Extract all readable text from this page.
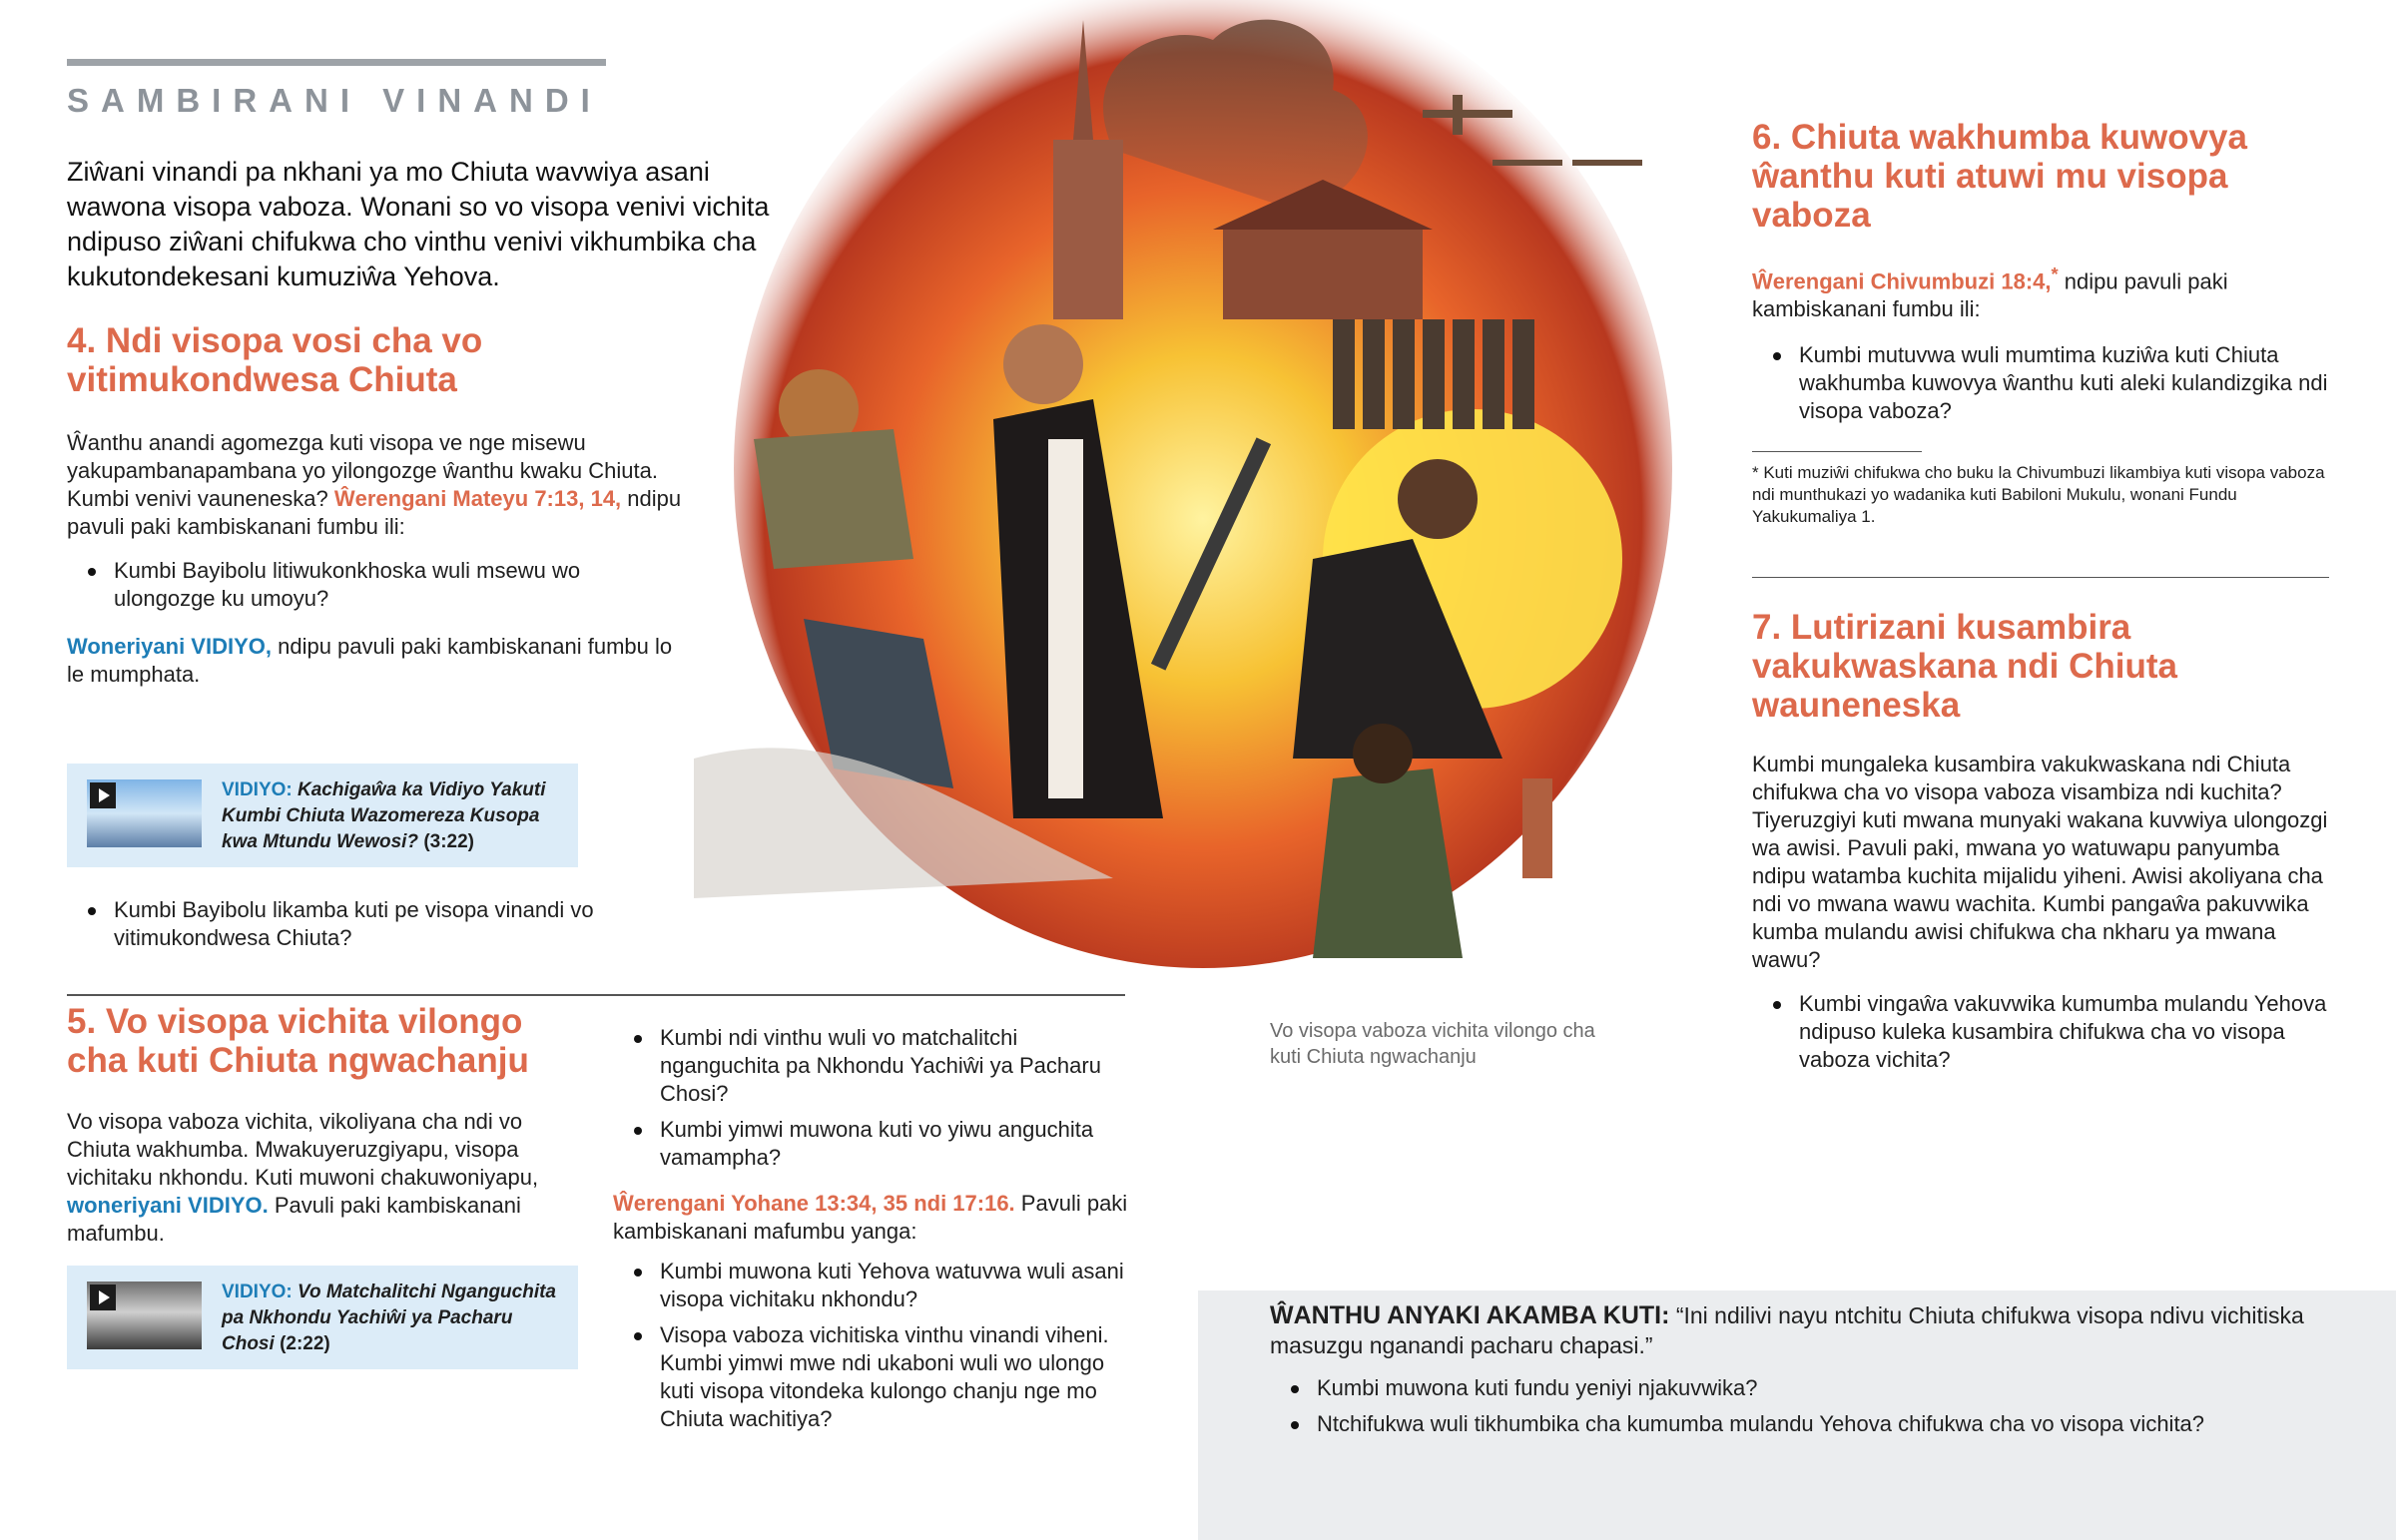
SAMBIRANI VINANDI
Ziŵani vinandi pa nkhani ya mo Chiuta wavwiya asani wawona visopa vaboza. Wonani so vo visopa venivi vichita ndipuso ziŵani chifukwa cho vinthu venivi vikhumbika cha kukutondekesani kumuziŵa Yehova.
4. Ndi visopa vosi cha vo vitimukondwesa Chiuta

Ŵanthu anandi agomezga kuti visopa ve nge misewu yakupambanapambana yo yilongozge ŵanthu kwaku Chiuta. Kumbi venivi vauneneska? Ŵerengani Mateyu 7:13, 14, ndipu pavuli paki kambiskanani fumbu ili:

Kumbi Bayibolu litiwukonkhoska wuli msewu wo ulongozge ku umoyu?

Woneriyani VIDIYO, ndipu pavuli paki kambiskanani fumbu lo le mumphata.

VIDIYO: Kachigaŵa ka Vidiyo Yakuti Kumbi Chiuta Wazomereza Kusopa kwa Mtundu Wewosi? (3:22)
Kumbi Bayibolu likamba kuti pe visopa vinandi vo vitimukondwesa Chiuta?
5. Vo visopa vichita vilongo cha kuti Chiuta ngwachanju

Vo visopa vaboza vichita, vikoliyana cha ndi vo Chiuta wakhumba. Mwakuyeruzgiyapu, visopa vichitaku nkhondu. Kuti muwoni chakuwoniyapu, woneriyani VIDIYO. Pavuli paki kambiskanani mafumbu.

VIDIYO: Vo Matchalitchi Nganguchita pa Nkhondu Yachiŵi ya Pacharu Chosi (2:22)
Kumbi ndi vinthu wuli vo matchalitchi nganguchita pa Nkhondu Yachiŵi ya Pacharu Chosi?
Kumbi yimwi muwona kuti vo yiwu anguchita vamampha?

Ŵerengani Yohane 13:34, 35 ndi 17:16. Pavuli paki kambiskanani mafumbu yanga:

Kumbi muwona kuti Yehova watuvwa wuli asani visopa vichitaku nkhondu?
Visopa vaboza vichitiska vinthu vinandi viheni. Kumbi yimwi mwe ndi ukaboni wuli wo ulongo kuti visopa vitondeka kulongo chanju nge mo Chiuta wachitiya?
Vo visopa vaboza vichita vilongo cha kuti Chiuta ngwachanju
6. Chiuta wakhumba kuwovya ŵanthu kuti atuwi mu visopa vaboza

Ŵerengani Chivumbuzi 18:4,* ndipu pavuli paki kambiskanani fumbu ili:

Kumbi mutuvwa wuli mumtima kuziŵa kuti Chiuta wakhumba kuwovya ŵanthu kuti aleki kulandizgika ndi visopa vaboza?
* Kuti muziŵi chifukwa cho buku la Chivumbuzi likambiya kuti visopa vaboza ndi munthukazi yo wadanika kuti Babiloni Mukulu, wonani Fundu Yakukumaliya 1.
7. Lutirizani kusambira vakukwaskana ndi Chiuta wauneneska

Kumbi mungaleka kusambira vakukwaskana ndi Chiuta chifukwa cha vo visopa vaboza visambiza ndi kuchita? Tiyeruzgiyi kuti mwana munyaki wakana kuvwiya ulongozgi wa awisi. Pavuli paki, mwana yo watuwapu panyumba ndipu watamba kuchita mijalidu yiheni. Awisi akoliyana cha ndi vo mwana wawu wachita. Kumbi pangaŵa pakuvwika kumba mulandu awisi chifukwa cha nkharu ya mwana wawu?

Kumbi vingaŵa vakuvwika kumumba mulandu Yehova ndipuso kuleka kusambira chifukwa cha vo visopa vaboza vichita?

ŴANTHU ANYAKI AKAMBA KUTI: “Ini ndilivi nayu ntchitu Chiuta chifukwa visopa ndivu vichitiska masuzgu nganandi pacharu chapasi.”

Kumbi muwona kuti fundu yeniyi njakuvwika?
Ntchifukwa wuli tikhumbika cha kumumba mulandu Yehova chifukwa cha vo visopa vichita?
